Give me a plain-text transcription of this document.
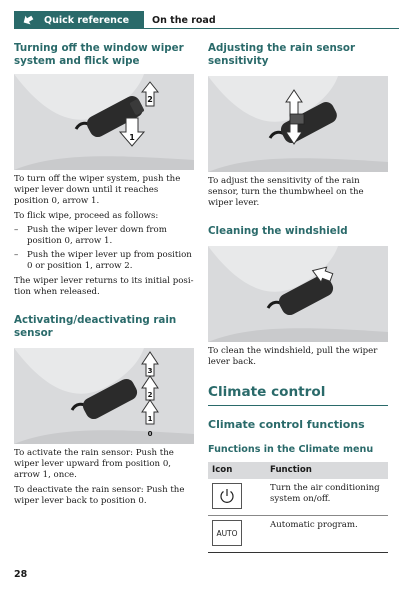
Quick reference On the road
Turning off the window wiper system and flick wipe
1
2

To turn off the wiper system, push the wiper lever down until it reaches position 0, arrow 1.

To flick wipe, proceed as follows:

–	Push the wiper lever down from position 0, arrow 1.
–	Push the wiper lever up from position 0 or position 1, arrow 2.

The wiper lever returns to its initial posi-tion when released.

Activating/deactivating rain sensor
3
2
1
0

To activate the rain sensor: Push the wiper lever upward from position 0, arrow 1, once.

To deactivate the rain sensor: Push the wiper lever back to position 0.

Adjusting the rain sensor sensitivity

To adjust the sensitivity of the rain sensor, turn the thumbwheel on the wiper lever.

Cleaning the windshield

To clean the windshield, pull the wiper lever back.

Climate control
Climate control functions
Functions in the Climate menu
Icon	Function

	Turn the air conditioning system on/off.

AUTO	Automatic program.
28
